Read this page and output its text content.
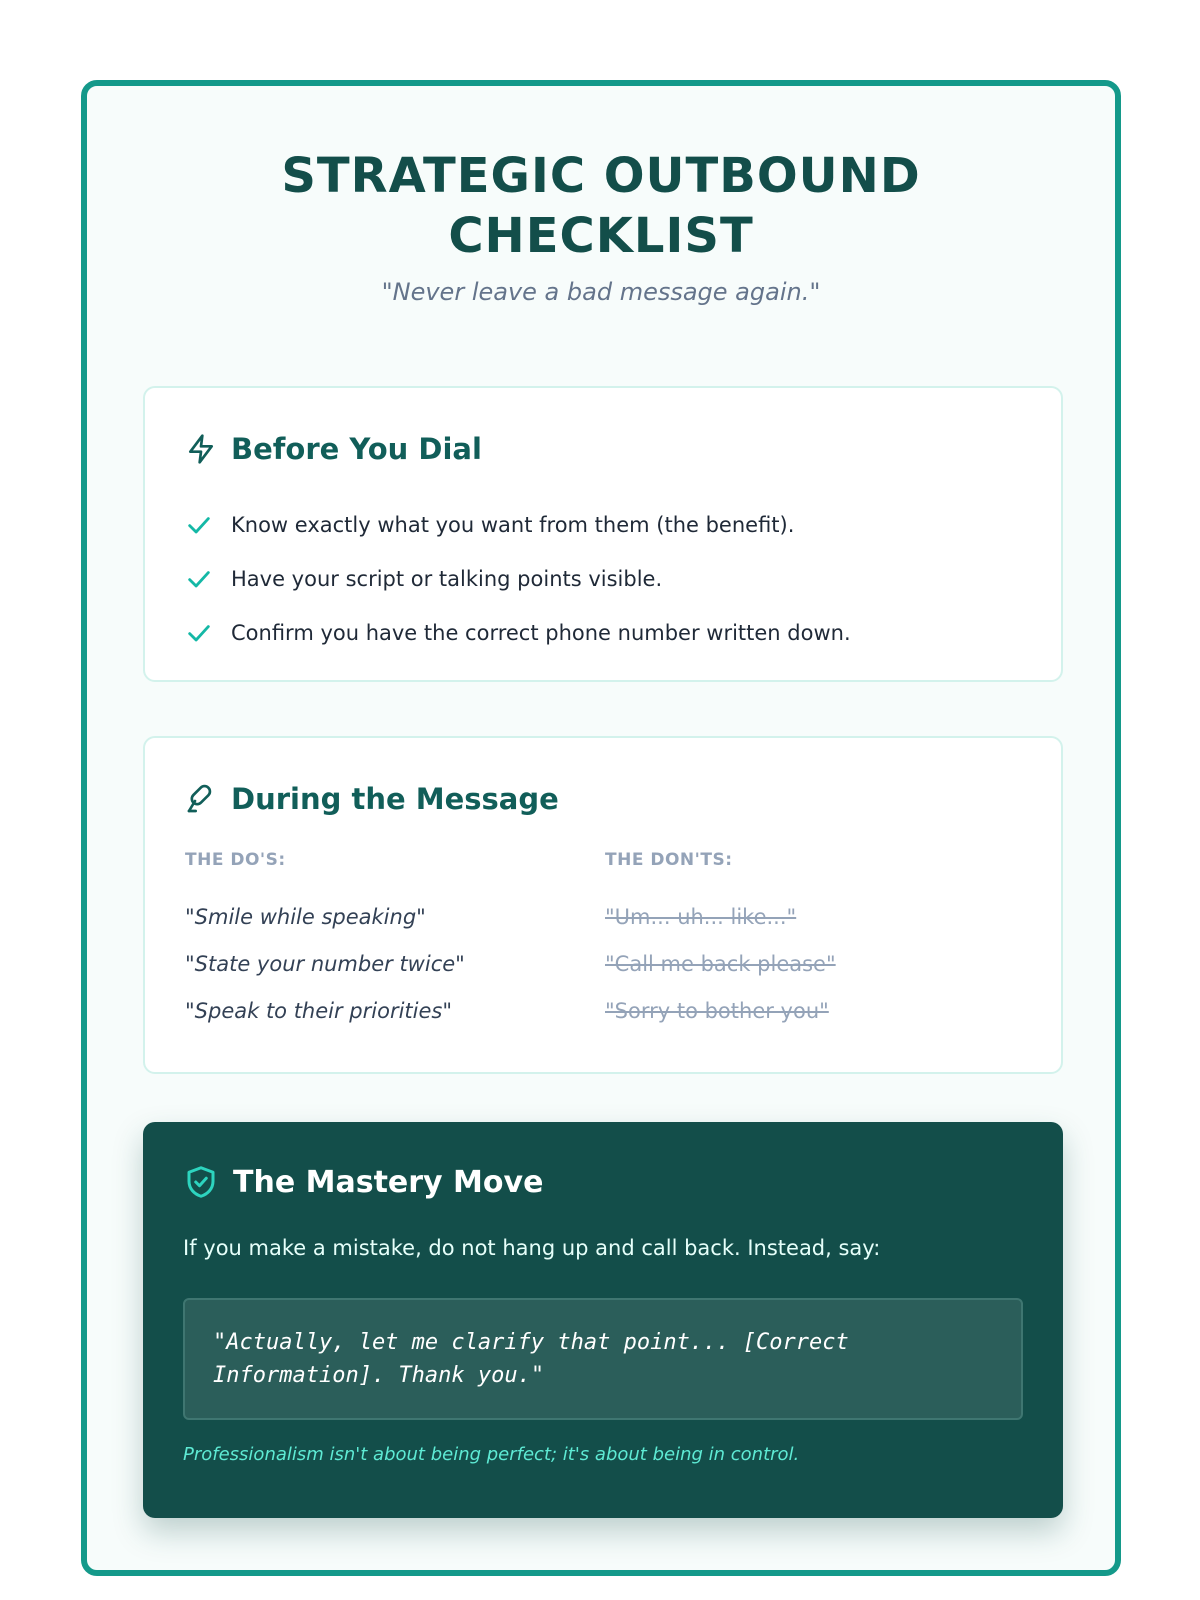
STRATEGIC OUTBOUND
CHECKLIST
"Never leave a bad message again."
Before You Dial
Know exactly what you want from them (the benefit).
Have your script or talking points visible.
Confirm you have the correct phone number written down.
During the Message
THE DO'S:
"Smile while speaking"
"State your number twice"
"Speak to their priorities"
THE DON'TS:
"Um... uh... like..."
"Call me back please"
"Sorry to bother you"
The Mastery Move

If you make a mistake, do not hang up and call back. Instead, say:

"Actually, let me clarify that point... [Correct Information]. Thank you."

Professionalism isn't about being perfect; it's about being in control.
